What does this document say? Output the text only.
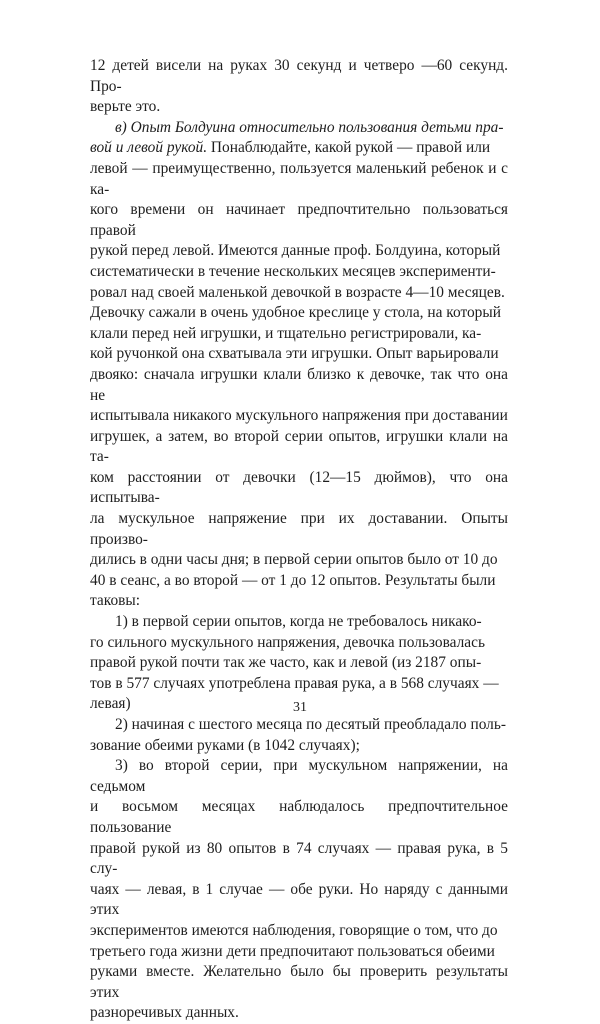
12 детей висели на руках 30 секунд и четверо —60 секунд. Про-
верьте это.

в) Опыт Болдуина относительно пользования детьми пра-
вой и левой рукой. Понаблюдайте, какой рукой — правой или
левой — преимущественно, пользуется маленький ребенок и с ка-
кого времени он начинает предпочтительно пользоваться правой
рукой перед левой. Имеются данные проф. Болдуина, который
систематически в течение нескольких месяцев эксперименти-
ровал над своей маленькой девочкой в возрасте 4—10 месяцев.
Девочку сажали в очень удобное креслице у стола, на который
клали перед ней игрушки, и тщательно регистрировали, ка-
кой ручонкой она схватывала эти игрушки. Опыт варьировали
двояко: сначала игрушки клали близко к девочке, так что она не
испытывала никакого мускульного напряжения при доставании
игрушек, а затем, во второй серии опытов, игрушки клали на та-
ком расстоянии от девочки (12—15 дюймов), что она испытыва-
ла мускульное напряжение при их доставании. Опыты произво-
дились в одни часы дня; в первой серии опытов было от 10 до
40 в сеанс, а во второй — от 1 до 12 опытов. Результаты были
таковы:

1) в первой серии опытов, когда не требовалось никако-
го сильного мускульного напряжения, девочка пользовалась
правой рукой почти так же часто, как и левой (из 2187 опы-
тов в 577 случаях употреблена правая рука, а в 568 случаях —
левая)

2) начиная с шестого месяца по десятый преобладало поль-
зование обеими руками (в 1042 случаях);

3) во второй серии, при мускульном напряжении, на седьмом
и восьмом месяцах наблюдалось предпочтительное пользование
правой рукой из 80 опытов в 74 случаях — правая рука, в 5 слу-
чаях — левая, в 1 случае — обе руки. Но наряду с данными этих
экспериментов имеются наблюдения, говорящие о том, что до
третьего года жизни дети предпочитают пользоваться обеими
руками вместе. Желательно было бы проверить результаты этих
разноречивых данных.

31
